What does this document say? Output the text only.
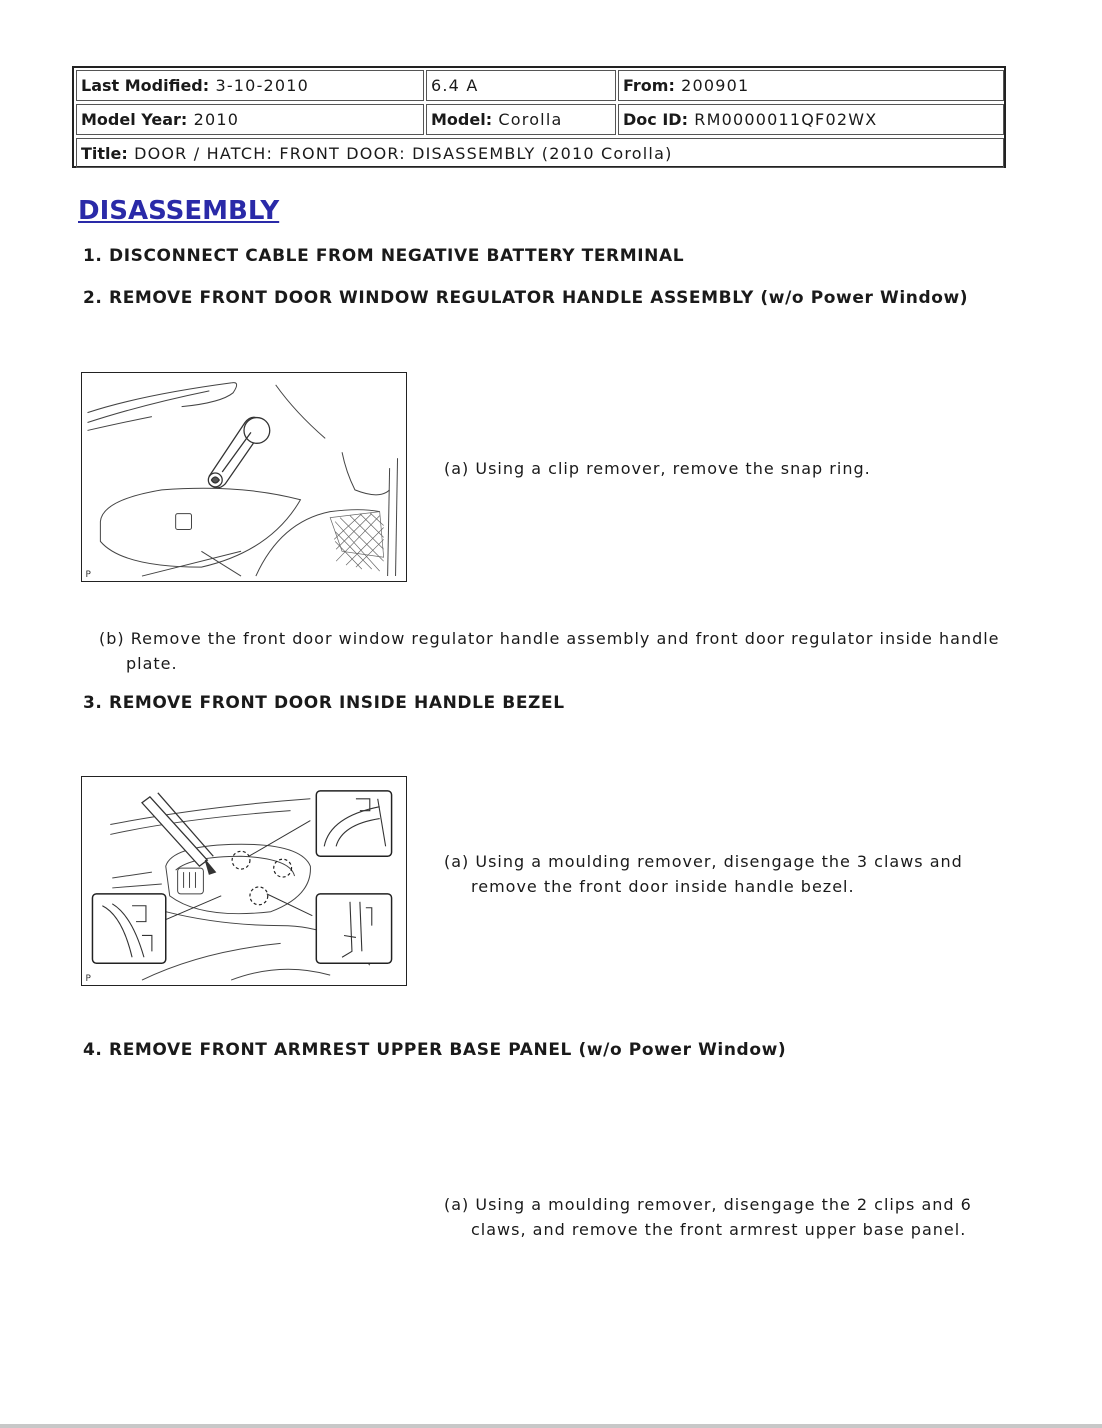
Last Modified: 3-10-2010	6.4 A	From: 200901
Model Year: 2010	Model: Corolla	Doc ID: RM0000011QF02WX
Title: DOOR / HATCH: FRONT DOOR: DISASSEMBLY (2010 Corolla)
DISASSEMBLY

1. DISCONNECT CABLE FROM NEGATIVE BATTERY TERMINAL

2. REMOVE FRONT DOOR WINDOW REGULATOR HANDLE ASSEMBLY (w/o Power Window)

P
(a) Using a clip remover, remove the snap ring.
(b) Remove the front door window regulator handle assembly and front door regulator inside handle plate.

3. REMOVE FRONT DOOR INSIDE HANDLE BEZEL

P
(a) Using a moulding remover, disengage the 3 claws and remove the front door inside handle bezel.

4. REMOVE FRONT ARMREST UPPER BASE PANEL (w/o Power Window)

(a) Using a moulding remover, disengage the 2 clips and 6 claws, and remove the front armrest upper base panel.
